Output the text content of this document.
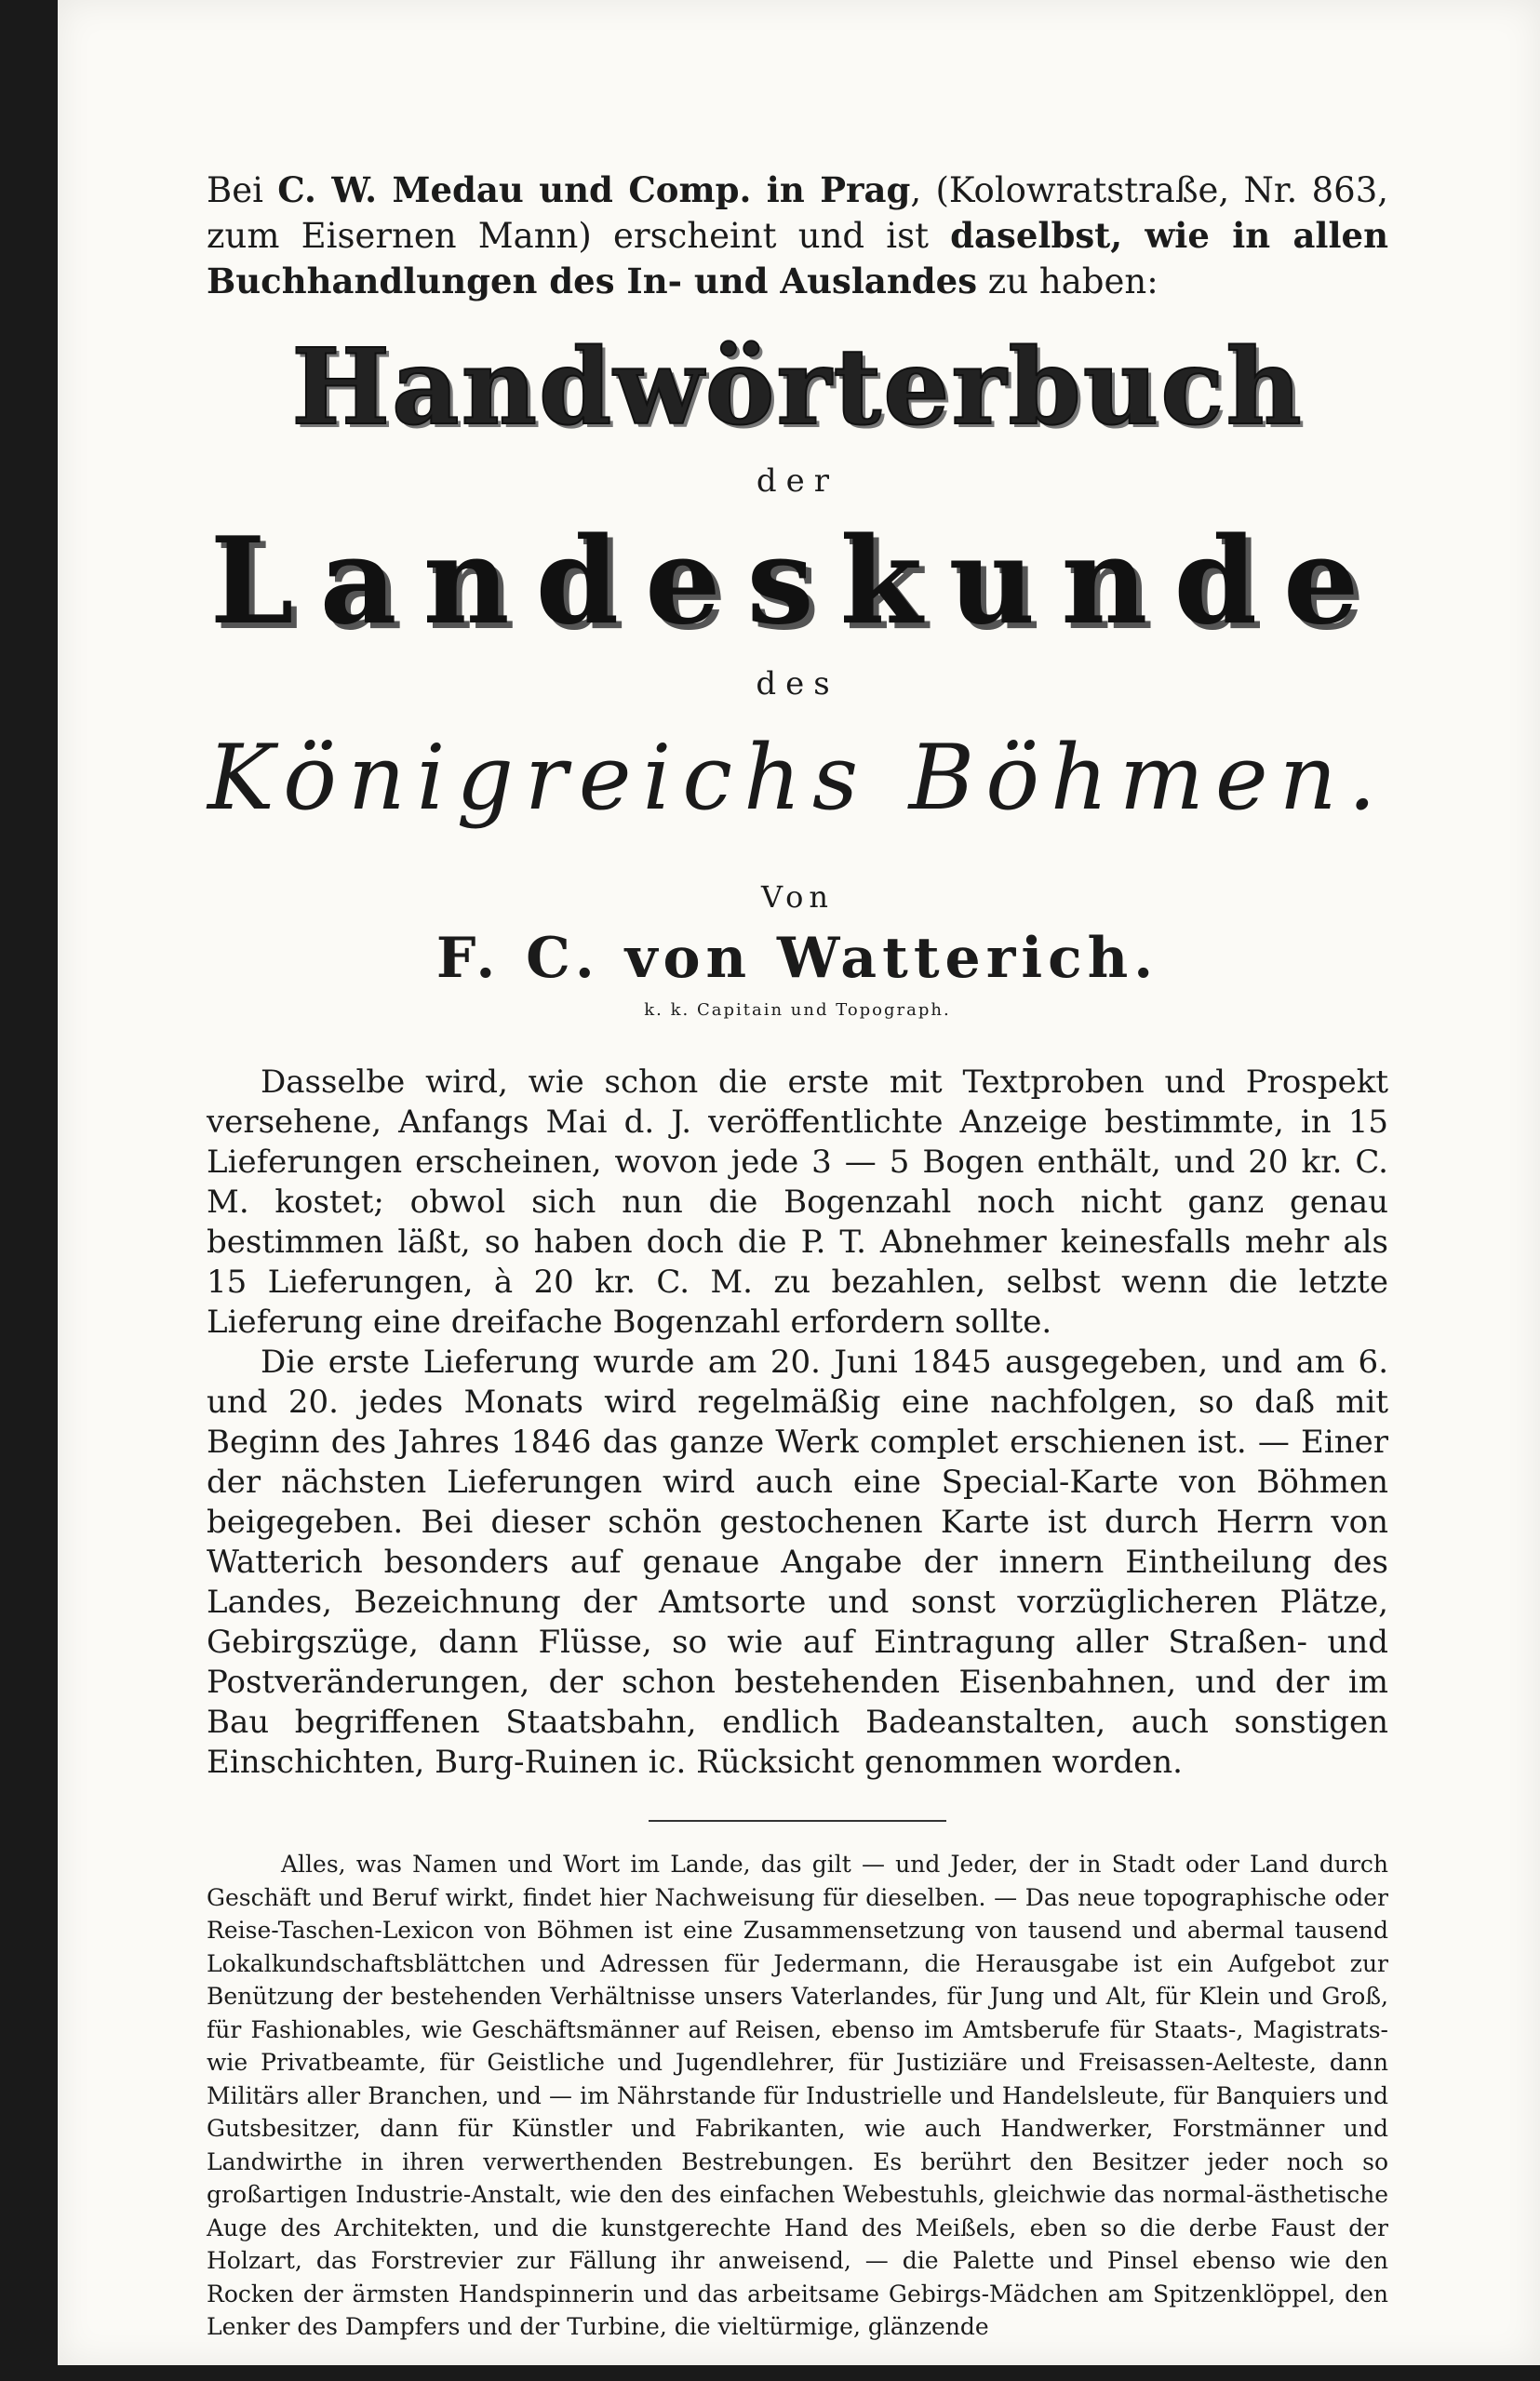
Bei C. W. Medau und Comp. in Prag, (Kolowratstraße, Nr. 863, zum Eisernen Mann) erscheint und ist daselbst, wie in allen Buchhandlungen des In- und Auslandes zu haben:

Handwörterbuch
der
Landeskunde
des
Königreichs Böhmen.
Von
F. C. von Watterich.
k. k. Capitain und Topograph.

Dasselbe wird, wie schon die erste mit Textproben und Prospekt versehene, Anfangs Mai d. J. veröffentlichte Anzeige bestimmte, in 15 Lieferungen erscheinen, wovon jede 3 — 5 Bogen enthält, und 20 kr. C. M. kostet; obwol sich nun die Bogenzahl noch nicht ganz genau bestimmen läßt, so haben doch die P. T. Abnehmer keinesfalls mehr als 15 Lieferungen, à 20 kr. C. M. zu bezahlen, selbst wenn die letzte Lieferung eine dreifache Bogenzahl erfordern sollte.

Die erste Lieferung wurde am 20. Juni 1845 ausgegeben, und am 6. und 20. jedes Monats wird regelmäßig eine nachfolgen, so daß mit Beginn des Jahres 1846 das ganze Werk complet erschienen ist. — Einer der nächsten Lieferungen wird auch eine Special-Karte von Böhmen beigegeben. Bei dieser schön gestochenen Karte ist durch Herrn von Watterich besonders auf genaue Angabe der innern Eintheilung des Landes, Bezeichnung der Amtsorte und sonst vorzüglicheren Plätze, Gebirgszüge, dann Flüsse, so wie auf Eintragung aller Straßen- und Postveränderungen, der schon bestehenden Eisenbahnen, und der im Bau begriffenen Staatsbahn, endlich Badeanstalten, auch sonstigen Einschichten, Burg-Ruinen ic. Rücksicht genommen worden.

Alles, was Namen und Wort im Lande, das gilt — und Jeder, der in Stadt oder Land durch Geschäft und Beruf wirkt, findet hier Nachweisung für dieselben. — Das neue topographische oder Reise-Taschen-Lexicon von Böhmen ist eine Zusammensetzung von tausend und abermal tausend Lokalkundschaftsblättchen und Adressen für Jedermann, die Herausgabe ist ein Aufgebot zur Benützung der bestehenden Verhältnisse unsers Vaterlandes, für Jung und Alt, für Klein und Groß, für Fashionables, wie Geschäftsmänner auf Reisen, ebenso im Amtsberufe für Staats-, Magistrats- wie Privatbeamte, für Geistliche und Jugendlehrer, für Justiziäre und Freisassen-Aelteste, dann Militärs aller Branchen, und — im Nährstande für Industrielle und Handelsleute, für Banquiers und Gutsbesitzer, dann für Künstler und Fabrikanten, wie auch Handwerker, Forstmänner und Landwirthe in ihren verwerthenden Bestrebungen. Es berührt den Besitzer jeder noch so großartigen Industrie-Anstalt, wie den des einfachen Webestuhls, gleichwie das normal-ästhetische Auge des Architekten, und die kunstgerechte Hand des Meißels, eben so die derbe Faust der Holzart, das Forstrevier zur Fällung ihr anweisend, — die Palette und Pinsel ebenso wie den Rocken der ärmsten Handspinnerin und das arbeitsame Gebirgs-Mädchen am Spitzenklöppel, den Lenker des Dampfers und der Turbine, die vieltürmige, glänzende
